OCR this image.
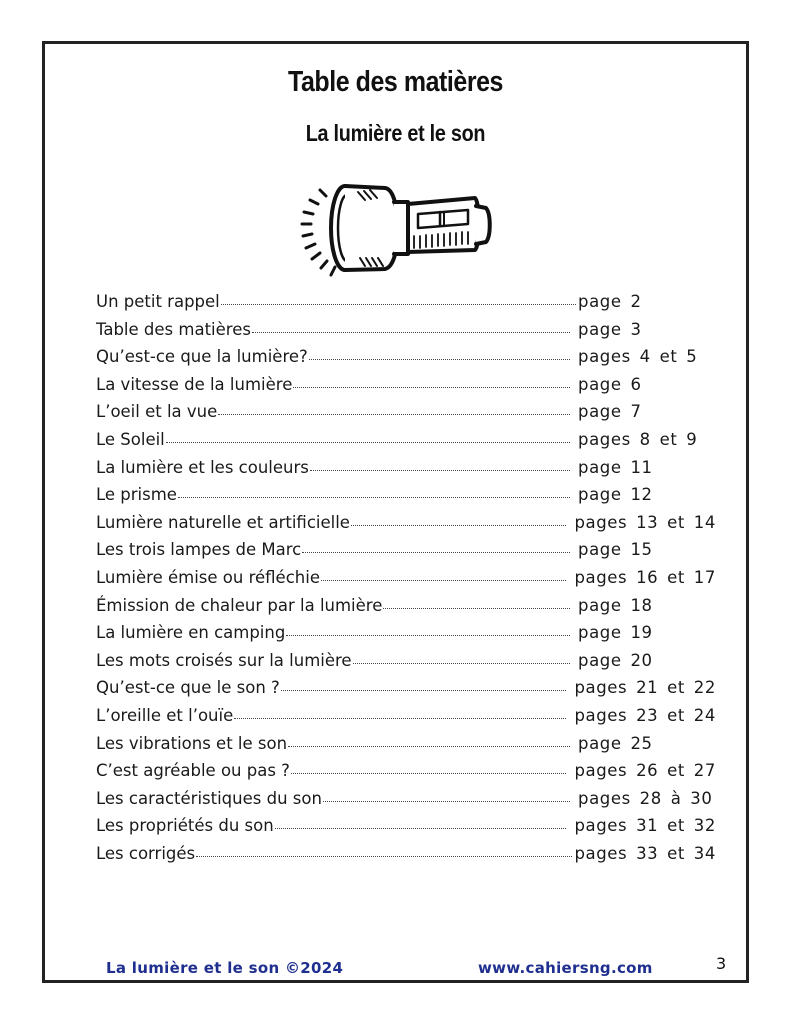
Table des matières
La lumière et le son
Un petit rappel	page 2
Table des matières	page 3
Qu’est-ce que la lumière?	pages 4 et 5
La vitesse de la lumière	page 6
L’oeil et la vue	page 7
Le Soleil	pages 8 et 9
La lumière et les couleurs	page 11
Le prisme	page 12
Lumière naturelle et artificielle	pages 13 et 14
Les trois lampes de Marc	page 15
Lumière émise ou réfléchie	pages 16 et 17
Émission de chaleur par la lumière	page 18
La lumière en camping	page 19
Les mots croisés sur la lumière	page 20
Qu’est-ce que le son ?	pages 21 et 22
L’oreille et l’ouïe	pages 23 et 24
Les vibrations et le son	page 25
C’est agréable ou pas ?	pages 26 et 27
Les caractéristiques du son	pages 28 à 30
Les propriétés du son	pages 31 et 32
Les corrigés	pages 33 et 34
La lumière et le son ©2024	www.cahiersng.com	3
